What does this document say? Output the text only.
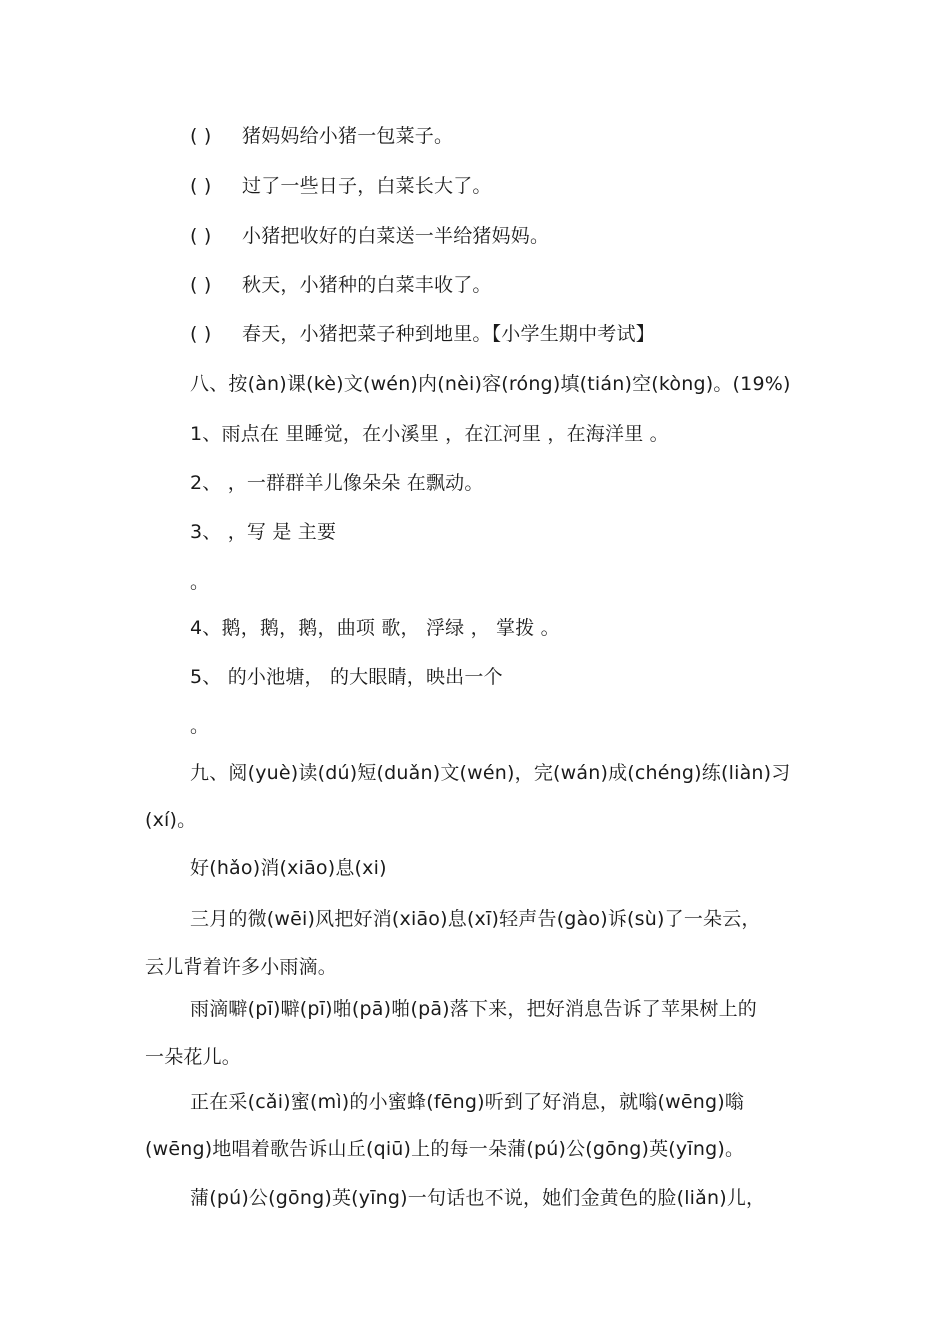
( ) 猪妈妈给小猪一包菜子。
( ) 过了一些日子，白菜长大了。
( ) 小猪把收好的白菜送一半给猪妈妈。
( ) 秋天，小猪种的白菜丰收了。
( ) 春天，小猪把菜子种到地里。【小学生期中考试】
八、按(àn)课(kè)文(wén)内(nèi)容(róng)填(tián)空(kòng)。(19%)
1、雨点在 里睡觉，在小溪里 ，在江河里 ，在海洋里 。
2、 ，一群群羊儿像朵朵 在飘动。
3、 ，写 是 主要
。
4、鹅，鹅，鹅，曲项 歌， 浮绿 ， 掌拨 。
5、 的小池塘， 的大眼睛，映出一个
。
九、阅(yuè)读(dú)短(duǎn)文(wén)，完(wán)成(chéng)练(liàn)习
(xí)。
好(hǎo)消(xiāo)息(xi)
三月的微(wēi)风把好消(xiāo)息(xī)轻声告(gào)诉(sù)了一朵云，
云儿背着许多小雨滴。
雨滴噼(pī)噼(pī)啪(pā)啪(pā)落下来，把好消息告诉了苹果树上的
一朵花儿。
正在采(cǎi)蜜(mì)的小蜜蜂(fēng)听到了好消息，就嗡(wēng)嗡
(wēng)地唱着歌告诉山丘(qiū)上的每一朵蒲(pú)公(gōng)英(yīng)。
蒲(pú)公(gōng)英(yīng)一句话也不说，她们金黄色的脸(liǎn)儿，
